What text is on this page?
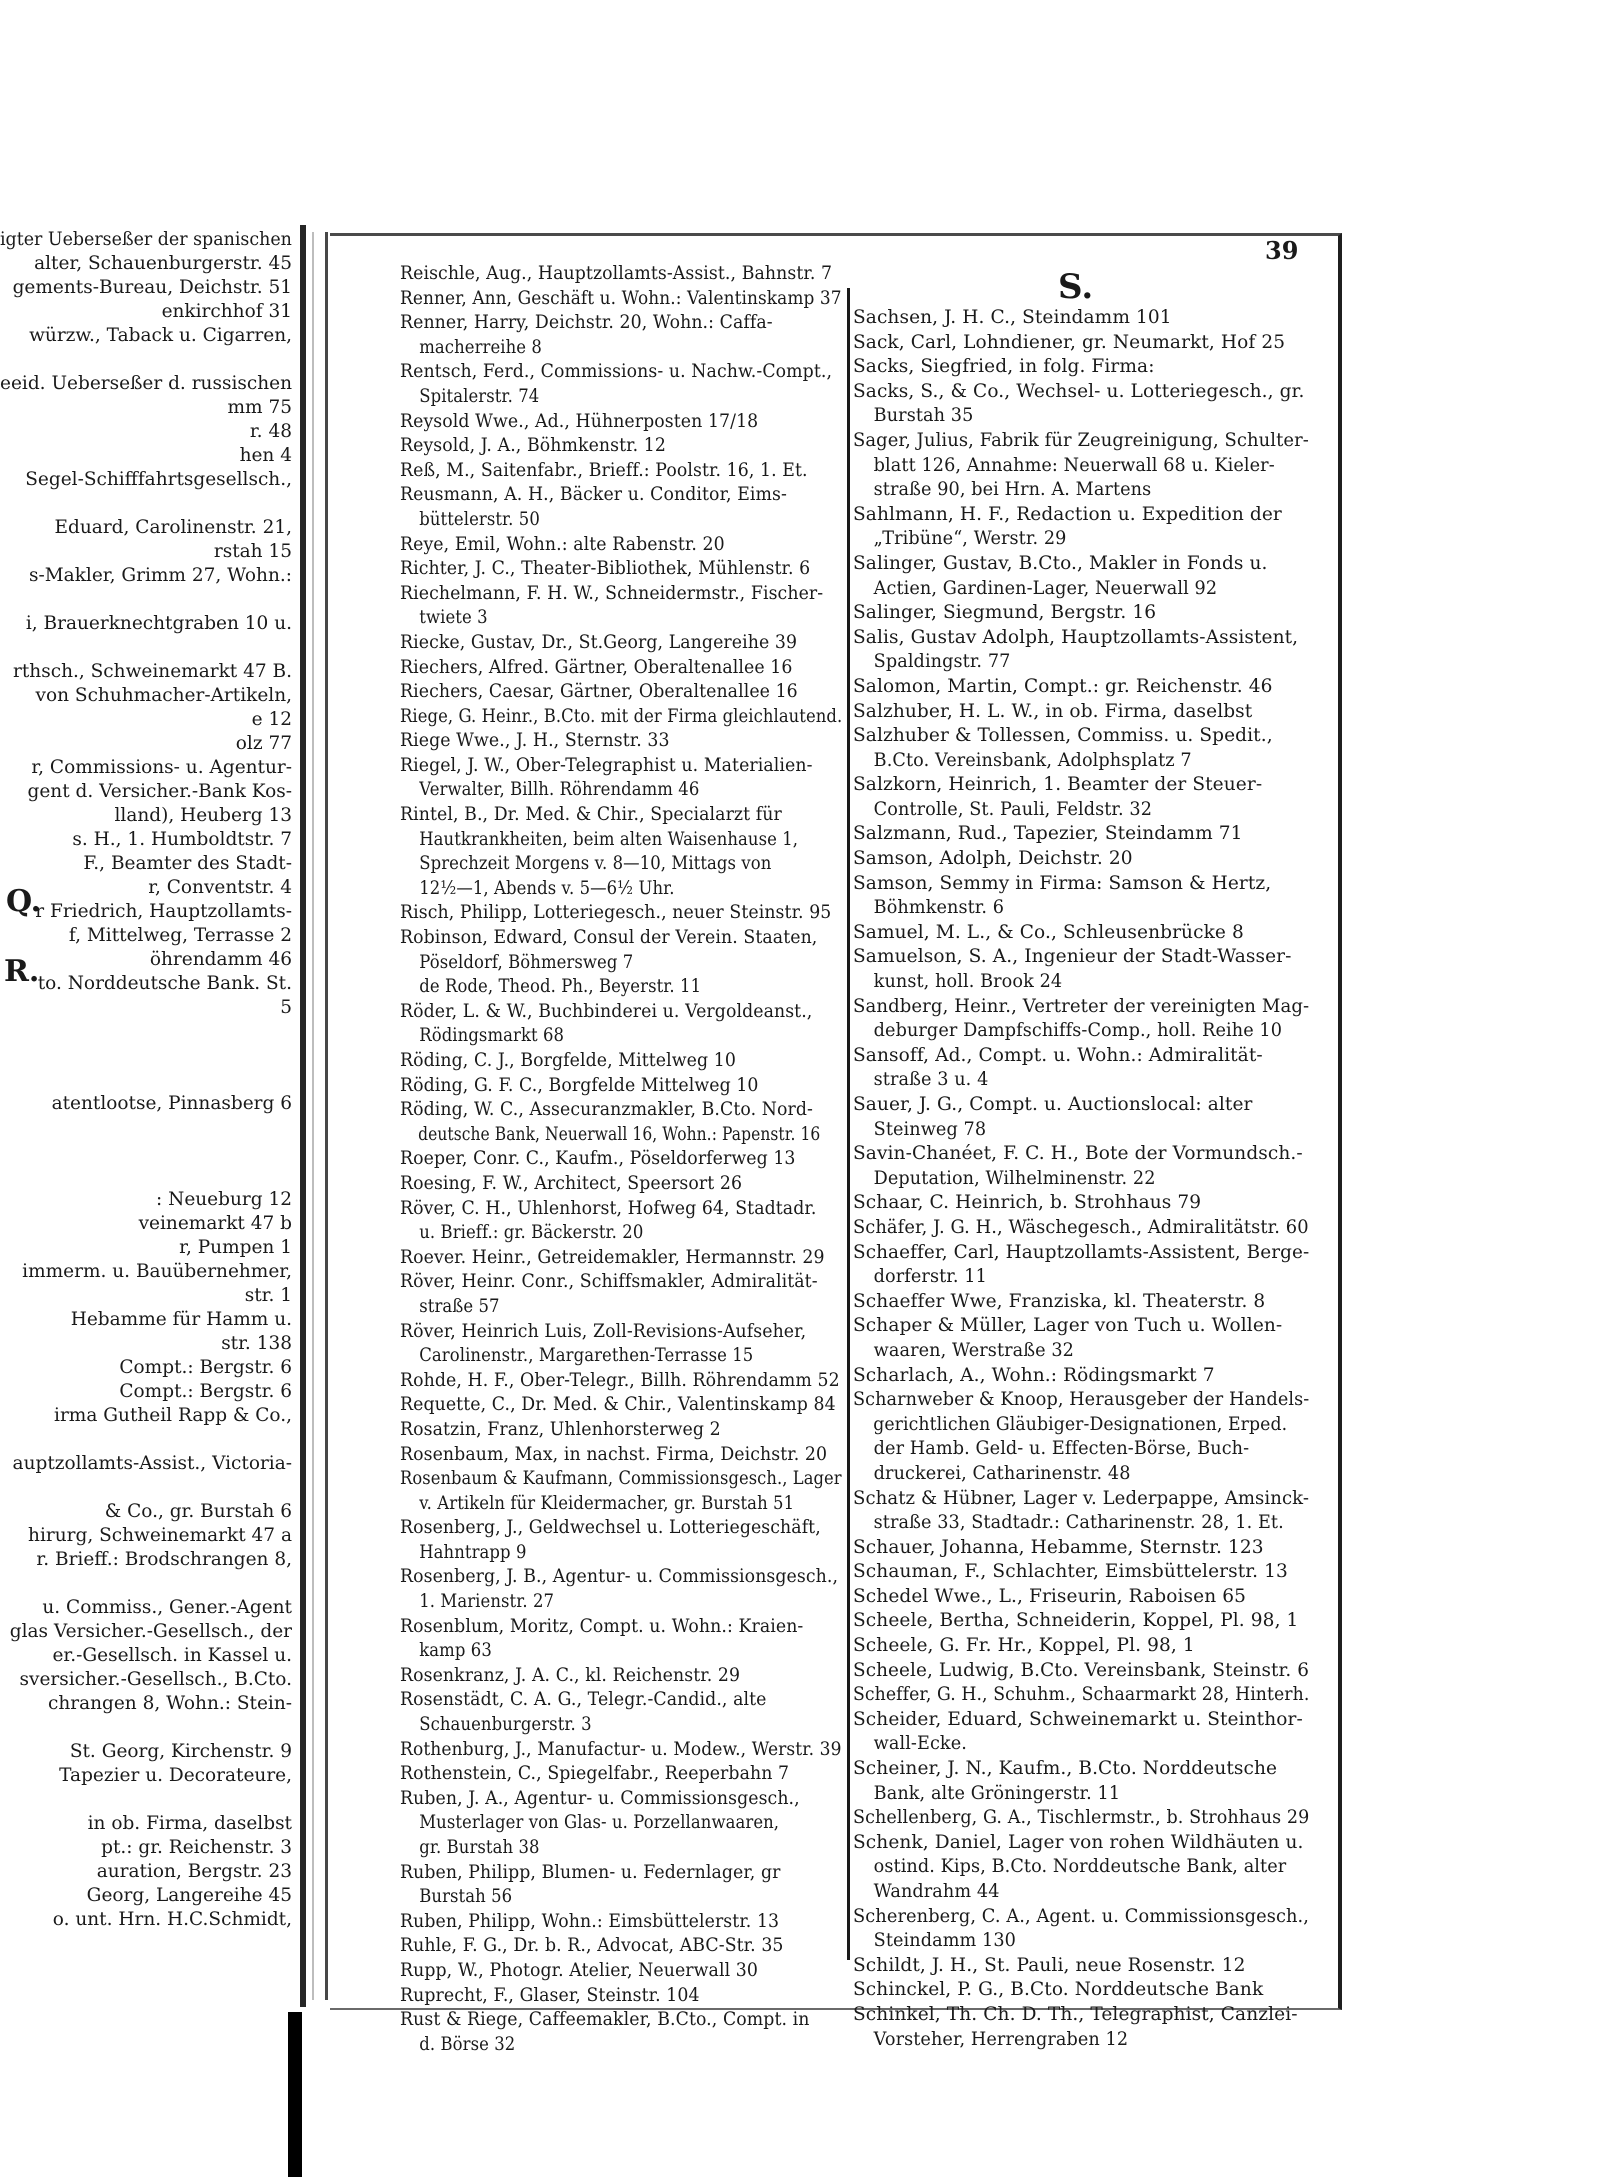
igter Ueberseßer der spanischen
alter, Schauenburgerstr. 45
gements-Bureau, Deichstr. 51
enkirchhof 31
würzw., Taback u. Cigarren,
eeid. Ueberseßer d. russischen
mm 75
r. 48
hen 4
Segel-Schifffahrtsgesellsch.,
Eduard, Carolinenstr. 21,
rstah 15
s-Makler, Grimm 27, Wohn.:
i, Brauerknechtgraben 10 u.
rthsch., Schweinemarkt 47 B.
von Schuhmacher-Artikeln,
e 12
olz 77
r, Commissions- u. Agentur-
gent d. Versicher.-Bank Kos-
lland), Heuberg 13
s. H., 1. Humboldtstr. 7
F., Beamter des Stadt-
r, Conventstr. 4
r Friedrich, Hauptzollamts-
f, Mittelweg, Terrasse 2
öhrendamm 46
to. Norddeutsche Bank. St.
5
atentlootse, Pinnasberg 6
: Neueburg 12
veinemarkt 47 b
r, Pumpen 1
immerm. u. Bauübernehmer,
str. 1
Hebamme für Hamm u.
str. 138
Compt.: Bergstr. 6
Compt.: Bergstr. 6
irma Gutheil Rapp & Co.,
auptzollamts-Assist., Victoria-
& Co., gr. Burstah 6
hirurg, Schweinemarkt 47 a
r. Brieff.: Brodschrangen 8,
u. Commiss., Gener.-Agent
glas Versicher.-Gesellsch., der
er.-Gesellsch. in Kassel u.
sversicher.-Gesellsch., B.Cto.
chrangen 8, Wohn.: Stein-
St. Georg, Kirchenstr. 9
Tapezier u. Decorateure,
in ob. Firma, daselbst
pt.: gr. Reichenstr. 3
auration, Bergstr. 23
Georg, Langereihe 45
o. unt. Hrn. H.C.Schmidt,
Q.
R.
39
S.
Reischle, Aug., Hauptzollamts-Assist., Bahnstr. 7
Renner, Ann, Geschäft u. Wohn.: Valentinskamp 37
Renner, Harry, Deichstr. 20, Wohn.: Caffa-
macherreihe 8
Rentsch, Ferd., Commissions- u. Nachw.-Compt.,
Spitalerstr. 74
Reysold Wwe., Ad., Hühnerposten 17/18
Reysold, J. A., Böhmkenstr. 12
Reß, M., Saitenfabr., Brieff.: Poolstr. 16, 1. Et.
Reusmann, A. H., Bäcker u. Conditor, Eims-
büttelerstr. 50
Reye, Emil, Wohn.: alte Rabenstr. 20
Richter, J. C., Theater-Bibliothek, Mühlenstr. 6
Riechelmann, F. H. W., Schneidermstr., Fischer-
twiete 3
Riecke, Gustav, Dr., St.Georg, Langereihe 39
Riechers, Alfred. Gärtner, Oberaltenallee 16
Riechers, Caesar, Gärtner, Oberaltenallee 16
Riege, G. Heinr., B.Cto. mit der Firma gleichlautend.
Riege Wwe., J. H., Sternstr. 33
Riegel, J. W., Ober-Telegraphist u. Materialien-
Verwalter, Billh. Röhrendamm 46
Rintel, B., Dr. Med. & Chir., Specialarzt für
Hautkrankheiten, beim alten Waisenhause 1,
Sprechzeit Morgens v. 8—10, Mittags von
12½—1, Abends v. 5—6½ Uhr.
Risch, Philipp, Lotteriegesch., neuer Steinstr. 95
Robinson, Edward, Consul der Verein. Staaten,
Pöseldorf, Böhmersweg 7
de Rode, Theod. Ph., Beyerstr. 11
Röder, L. & W., Buchbinderei u. Vergoldeanst.,
Rödingsmarkt 68
Röding, C. J., Borgfelde, Mittelweg 10
Röding, G. F. C., Borgfelde Mittelweg 10
Röding, W. C., Assecuranzmakler, B.Cto. Nord-
deutsche Bank, Neuerwall 16, Wohn.: Papenstr. 16
Roeper, Conr. C., Kaufm., Pöseldorferweg 13
Roesing, F. W., Architect, Speersort 26
Röver, C. H., Uhlenhorst, Hofweg 64, Stadtadr.
u. Brieff.: gr. Bäckerstr. 20
Roever. Heinr., Getreidemakler, Hermannstr. 29
Röver, Heinr. Conr., Schiffsmakler, Admiralität-
straße 57
Röver, Heinrich Luis, Zoll-Revisions-Aufseher,
Carolinenstr., Margarethen-Terrasse 15
Rohde, H. F., Ober-Telegr., Billh. Röhrendamm 52
Requette, C., Dr. Med. & Chir., Valentinskamp 84
Rosatzin, Franz, Uhlenhorsterweg 2
Rosenbaum, Max, in nachst. Firma, Deichstr. 20
Rosenbaum & Kaufmann, Commissionsgesch., Lager
v. Artikeln für Kleidermacher, gr. Burstah 51
Rosenberg, J., Geldwechsel u. Lotteriegeschäft,
Hahntrapp 9
Rosenberg, J. B., Agentur- u. Commissionsgesch.,
1. Marienstr. 27
Rosenblum, Moritz, Compt. u. Wohn.: Kraien-
kamp 63
Rosenkranz, J. A. C., kl. Reichenstr. 29
Rosenstädt, C. A. G., Telegr.-Candid., alte
Schauenburgerstr. 3
Rothenburg, J., Manufactur- u. Modew., Werstr. 39
Rothenstein, C., Spiegelfabr., Reeperbahn 7
Ruben, J. A., Agentur- u. Commissionsgesch.,
Musterlager von Glas- u. Porzellanwaaren,
gr. Burstah 38
Ruben, Philipp, Blumen- u. Federnlager, gr
Burstah 56
Ruben, Philipp, Wohn.: Eimsbüttelerstr. 13
Ruhle, F. G., Dr. b. R., Advocat, ABC-Str. 35
Rupp, W., Photogr. Atelier, Neuerwall 30
Ruprecht, F., Glaser, Steinstr. 104
Rust & Riege, Caffeemakler, B.Cto., Compt. in
d. Börse 32
Sachsen, J. H. C., Steindamm 101
Sack, Carl, Lohndiener, gr. Neumarkt, Hof 25
Sacks, Siegfried, in folg. Firma:
Sacks, S., & Co., Wechsel- u. Lotteriegesch., gr.
Burstah 35
Sager, Julius, Fabrik für Zeugreinigung, Schulter-
blatt 126, Annahme: Neuerwall 68 u. Kieler-
straße 90, bei Hrn. A. Martens
Sahlmann, H. F., Redaction u. Expedition der
„Tribüne“, Werstr. 29
Salinger, Gustav, B.Cto., Makler in Fonds u.
Actien, Gardinen-Lager, Neuerwall 92
Salinger, Siegmund, Bergstr. 16
Salis, Gustav Adolph, Hauptzollamts-Assistent,
Spaldingstr. 77
Salomon, Martin, Compt.: gr. Reichenstr. 46
Salzhuber, H. L. W., in ob. Firma, daselbst
Salzhuber & Tollessen, Commiss. u. Spedit.,
B.Cto. Vereinsbank, Adolphsplatz 7
Salzkorn, Heinrich, 1. Beamter der Steuer-
Controlle, St. Pauli, Feldstr. 32
Salzmann, Rud., Tapezier, Steindamm 71
Samson, Adolph, Deichstr. 20
Samson, Semmy in Firma: Samson & Hertz,
Böhmkenstr. 6
Samuel, M. L., & Co., Schleusenbrücke 8
Samuelson, S. A., Ingenieur der Stadt-Wasser-
kunst, holl. Brook 24
Sandberg, Heinr., Vertreter der vereinigten Mag-
deburger Dampfschiffs-Comp., holl. Reihe 10
Sansoff, Ad., Compt. u. Wohn.: Admiralität-
straße 3 u. 4
Sauer, J. G., Compt. u. Auctionslocal: alter
Steinweg 78
Savin-Chanéet, F. C. H., Bote der Vormundsch.-
Deputation, Wilhelminenstr. 22
Schaar, C. Heinrich, b. Strohhaus 79
Schäfer, J. G. H., Wäschegesch., Admiralitätstr. 60
Schaeffer, Carl, Hauptzollamts-Assistent, Berge-
dorferstr. 11
Schaeffer Wwe, Franziska, kl. Theaterstr. 8
Schaper & Müller, Lager von Tuch u. Wollen-
waaren, Werstraße 32
Scharlach, A., Wohn.: Rödingsmarkt 7
Scharnweber & Knoop, Herausgeber der Handels-
gerichtlichen Gläubiger-Designationen, Erped.
der Hamb. Geld- u. Effecten-Börse, Buch-
druckerei, Catharinenstr. 48
Schatz & Hübner, Lager v. Lederpappe, Amsinck-
straße 33, Stadtadr.: Catharinenstr. 28, 1. Et.
Schauer, Johanna, Hebamme, Sternstr. 123
Schauman, F., Schlachter, Eimsbüttelerstr. 13
Schedel Wwe., L., Friseurin, Raboisen 65
Scheele, Bertha, Schneiderin, Koppel, Pl. 98, 1
Scheele, G. Fr. Hr., Koppel, Pl. 98, 1
Scheele, Ludwig, B.Cto. Vereinsbank, Steinstr. 6
Scheffer, G. H., Schuhm., Schaarmarkt 28, Hinterh.
Scheider, Eduard, Schweinemarkt u. Steinthor-
wall-Ecke.
Scheiner, J. N., Kaufm., B.Cto. Norddeutsche
Bank, alte Gröningerstr. 11
Schellenberg, G. A., Tischlermstr., b. Strohhaus 29
Schenk, Daniel, Lager von rohen Wildhäuten u.
ostind. Kips, B.Cto. Norddeutsche Bank, alter
Wandrahm 44
Scherenberg, C. A., Agent. u. Commissionsgesch.,
Steindamm 130
Schildt, J. H., St. Pauli, neue Rosenstr. 12
Schinckel, P. G., B.Cto. Norddeutsche Bank
Schinkel, Th. Ch. D. Th., Telegraphist, Canzlei-
Vorsteher, Herrengraben 12
